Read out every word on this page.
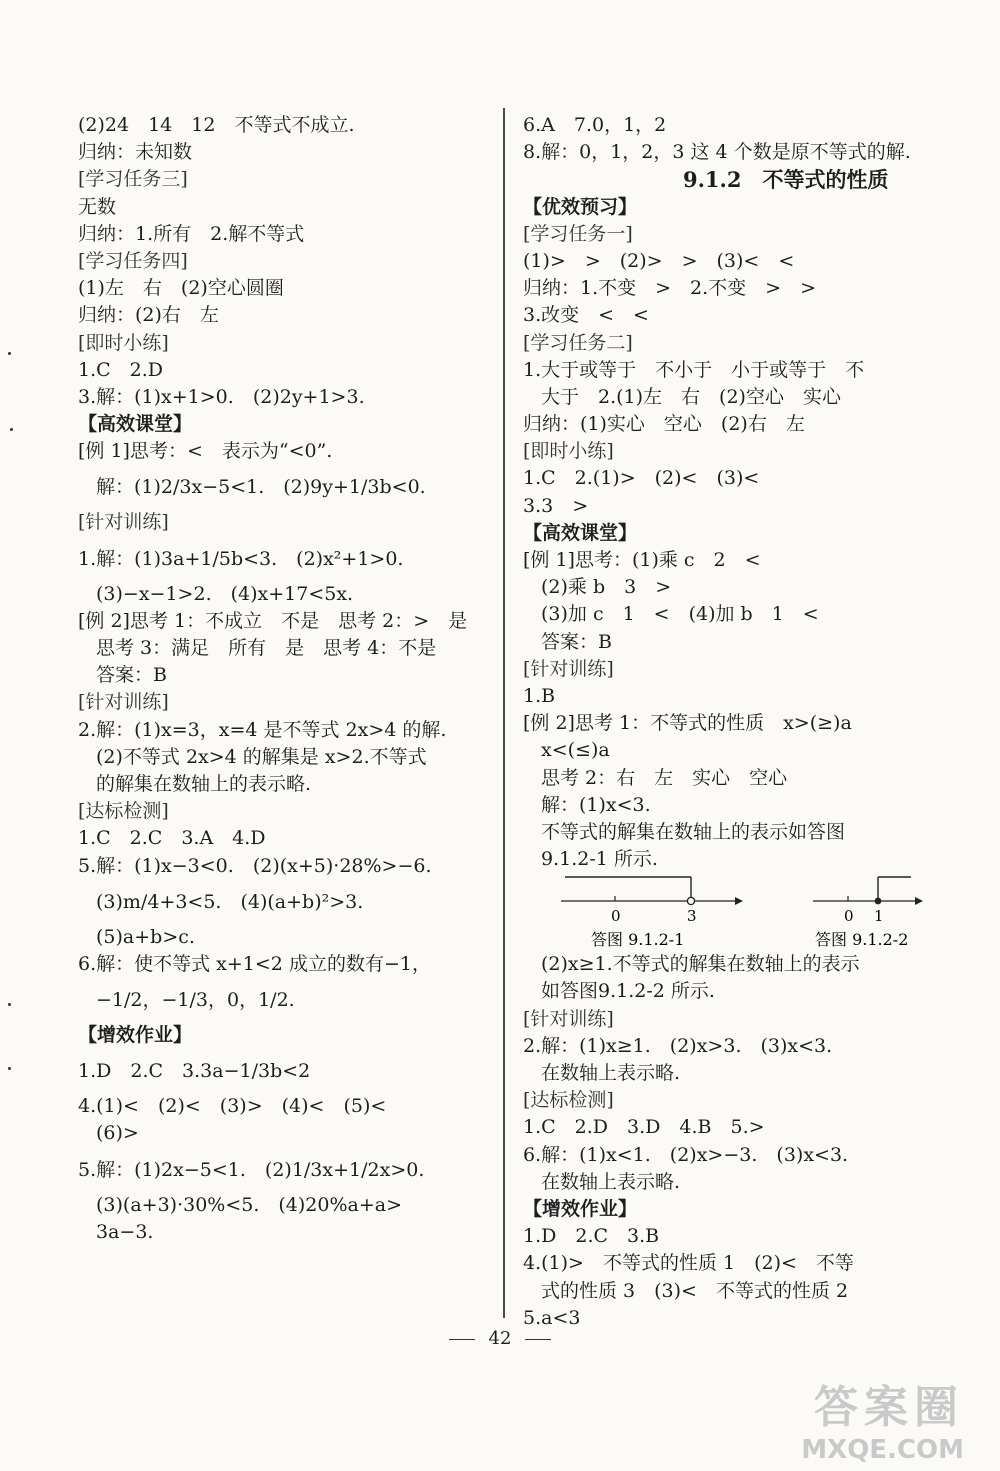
(2)24　14　12　不等式不成立.
归纳：未知数
[学习任务三]
无数
归纳：1.所有　2.解不等式
[学习任务四]
(1)左　右　(2)空心圆圈
归纳：(2)右　左
[即时小练]
1.C　2.D
3.解：(1)x+1>0.　(2)2y+1>3.
【高效课堂】
[例 1]思考：<　表示为“<0”.
解：(1)2/3x−5<1.　(2)9y+1/3b<0.
[针对训练]
1.解：(1)3a+1/5b<3.　(2)x²+1>0.
(3)−x−1>2.　(4)x+17<5x.
[例 2]思考 1：不成立　不是　思考 2：>　是
思考 3：满足　所有　是　思考 4：不是
答案：B
[针对训练]
2.解：(1)x=3，x=4 是不等式 2x>4 的解.
(2)不等式 2x>4 的解集是 x>2.不等式
的解集在数轴上的表示略.
[达标检测]
1.C　2.C　3.A　4.D
5.解：(1)x−3<0.　(2)(x+5)·28%>−6.
(3)m/4+3<5.　(4)(a+b)²>3.
(5)a+b>c.
6.解：使不等式 x+1<2 成立的数有−1，
−1/2，−1/3，0，1/2.
【增效作业】
1.D　2.C　3.3a−1/3b<2
4.(1)<　(2)<　(3)>　(4)<　(5)<
(6)>
5.解：(1)2x−5<1.　(2)1/3x+1/2x>0.
(3)(a+3)·30%<5.　(4)20%a+a>
3a−3.
6.A　7.0，1，2
8.解：0，1，2，3 这 4 个数是原不等式的解.
9.1.2　不等式的性质
【优效预习】
[学习任务一]
(1)>　>　(2)>　>　(3)<　<
归纳：1.不变　>　2.不变　>　>
3.改变　<　<
[学习任务二]
1.大于或等于　不小于　小于或等于　不
大于　2.(1)左　右　(2)空心　实心
归纳：(1)实心　空心　(2)右　左
[即时小练]
1.C　2.(1)>　(2)<　(3)<
3.3　>
【高效课堂】
[例 1]思考：(1)乘 c　2　<
(2)乘 b　3　>
(3)加 c　1　<　(4)加 b　1　<
答案：B
[针对训练]
1.B
[例 2]思考 1：不等式的性质　x>(≥)a
x<(≤)a
思考 2：右　左　实心　空心
解：(1)x<3.
不等式的解集在数轴上的表示如答图
9.1.2-1 所示.
0	3
答图 9.1.2-1
0 1
答图 9.1.2-2
(2)x≥1.不等式的解集在数轴上的表示
如答图9.1.2-2 所示.
[针对训练]
2.解：(1)x≥1.　(2)x>3.　(3)x<3.
在数轴上表示略.
[达标检测]
1.C　2.D　3.D　4.B　5.>
6.解：(1)x<1.　(2)x>−3.　(3)x<3.
在数轴上表示略.
【增效作业】
1.D　2.C　3.B
4.(1)>　不等式的性质 1　(2)<　不等
式的性质 3　(3)<　不等式的性质 2
5.a<3
42
答案圈
MXQE.COM
